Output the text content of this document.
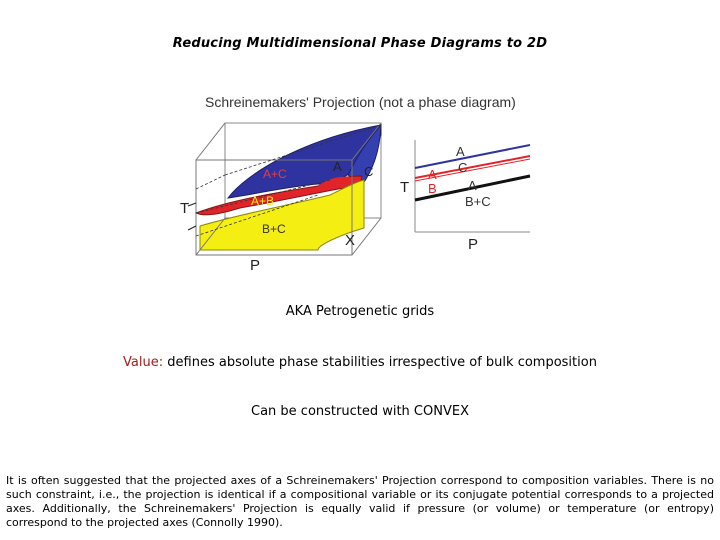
Reducing Multidimensional Phase Diagrams to 2D
Schreinemakers' Projection (not a phase diagram)
A+C
A+B
B+C
A C
T
P
X
A
C
A
B A
B+C
T
P
AKA Petrogenetic grids
Value: defines absolute phase stabilities irrespective of bulk composition
Can be constructed with CONVEX
It is often suggested that the projected axes of a Schreinemakers' Projection correspond to composition variables. There is no such constraint, i.e., the projection is identical if a compositional variable or its conjugate potential corresponds to a projected axes. Additionally, the Schreinemakers' Projection is equally valid if pressure (or volume) or temperature (or entropy) correspond to the projected axes (Connolly 1990).
